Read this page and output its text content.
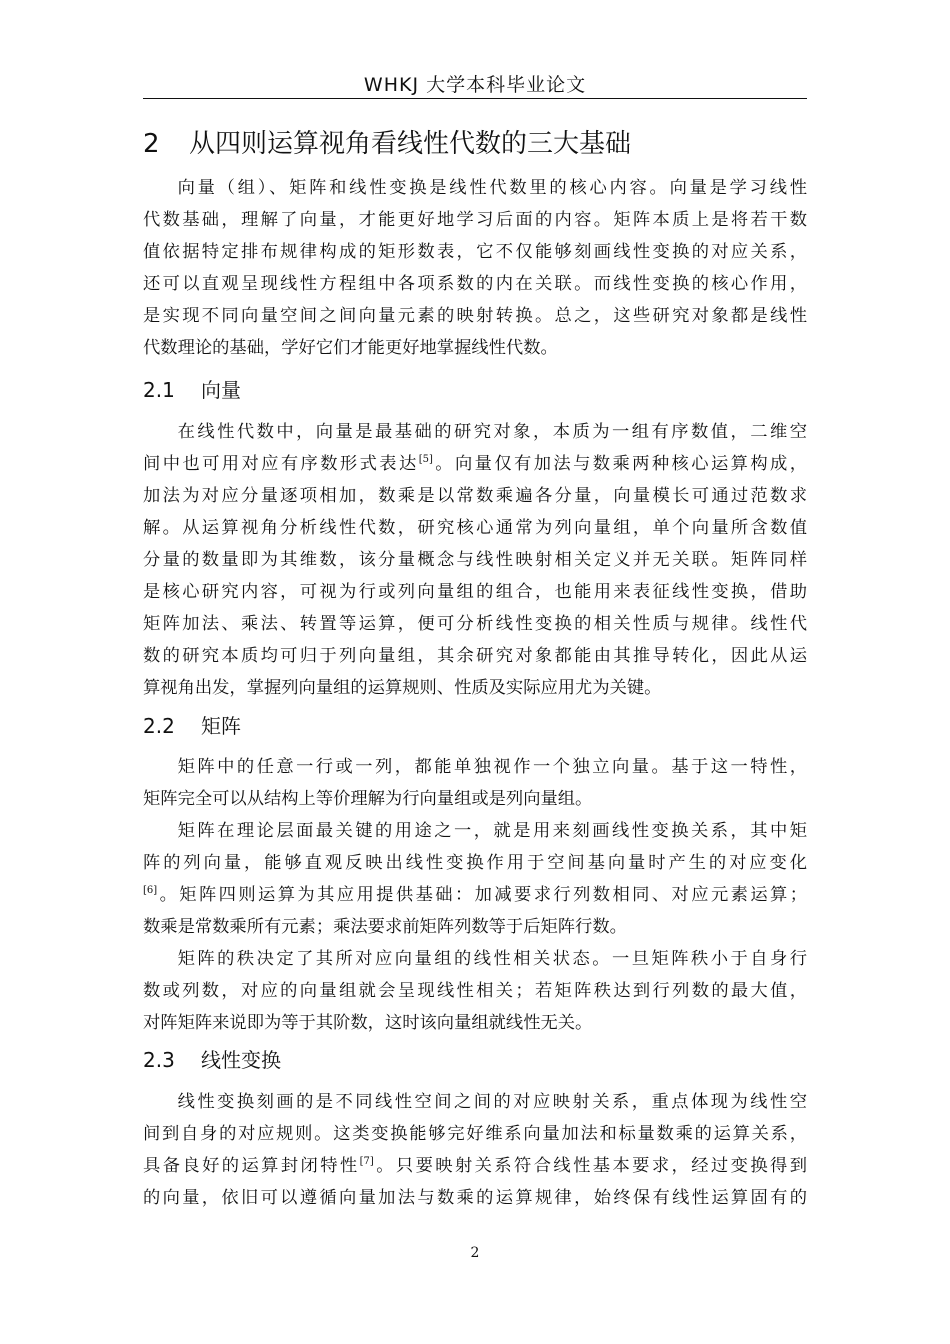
WHKJ 大学本科毕业论文
2 从四则运算视角看线性代数的三大基础
向量（组）、矩阵和线性变换是线性代数里的核心内容。向量是学习线性
代数基础，理解了向量，才能更好地学习后面的内容。矩阵本质上是将若干数
值依据特定排布规律构成的矩形数表，它不仅能够刻画线性变换的对应关系，
还可以直观呈现线性方程组中各项系数的内在关联。而线性变换的核心作用，
是实现不同向量空间之间向量元素的映射转换。总之，这些研究对象都是线性
代数理论的基础，学好它们才能更好地掌握线性代数。
2.1 向量
在线性代数中，向量是最基础的研究对象，本质为一组有序数值，二维空
间中也可用对应有序数形式表达[5]。向量仅有加法与数乘两种核心运算构成，
加法为对应分量逐项相加，数乘是以常数乘遍各分量，向量模长可通过范数求
解。从运算视角分析线性代数，研究核心通常为列向量组，单个向量所含数值
分量的数量即为其维数，该分量概念与线性映射相关定义并无关联。矩阵同样
是核心研究内容，可视为行或列向量组的组合，也能用来表征线性变换，借助
矩阵加法、乘法、转置等运算，便可分析线性变换的相关性质与规律。线性代
数的研究本质均可归于列向量组，其余研究对象都能由其推导转化，因此从运
算视角出发，掌握列向量组的运算规则、性质及实际应用尤为关键。
2.2 矩阵
矩阵中的任意一行或一列，都能单独视作一个独立向量。基于这一特性，
矩阵完全可以从结构上等价理解为行向量组或是列向量组。
矩阵在理论层面最关键的用途之一，就是用来刻画线性变换关系，其中矩
阵的列向量，能够直观反映出线性变换作用于空间基向量时产生的对应变化
[6]。矩阵四则运算为其应用提供基础：加减要求行列数相同、对应元素运算；
数乘是常数乘所有元素；乘法要求前矩阵列数等于后矩阵行数。
矩阵的秩决定了其所对应向量组的线性相关状态。一旦矩阵秩小于自身行
数或列数，对应的向量组就会呈现线性相关；若矩阵秩达到行列数的最大值，
对阵矩阵来说即为等于其阶数，这时该向量组就线性无关。
2.3 线性变换
线性变换刻画的是不同线性空间之间的对应映射关系，重点体现为线性空
间到自身的对应规则。这类变换能够完好维系向量加法和标量数乘的运算关系，
具备良好的运算封闭特性[7]。只要映射关系符合线性基本要求，经过变换得到
的向量，依旧可以遵循向量加法与数乘的运算规律，始终保有线性运算固有的
2
